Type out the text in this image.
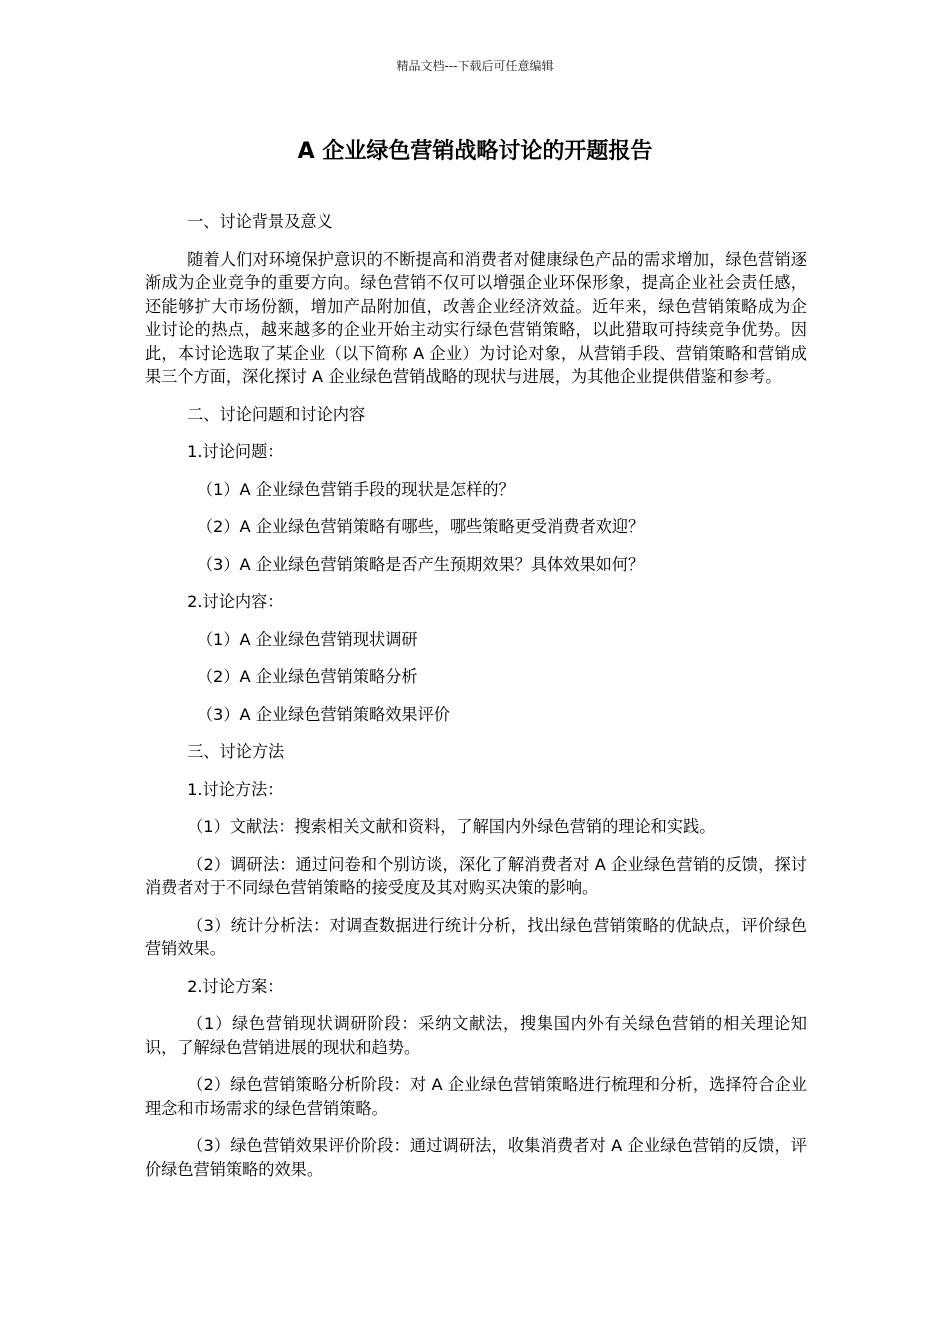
精品文档---下载后可任意编辑
A 企业绿色营销战略讨论的开题报告

一、讨论背景及意义

随着人们对环境保护意识的不断提高和消费者对健康绿色产品的需求增加，绿色营销逐渐成为企业竞争的重要方向。绿色营销不仅可以增强企业环保形象，提高企业社会责任感，还能够扩大市场份额，增加产品附加值，改善企业经济效益。近年来，绿色营销策略成为企业讨论的热点，越来越多的企业开始主动实行绿色营销策略，以此猎取可持续竞争优势。因此，本讨论选取了某企业（以下简称 A 企业）为讨论对象，从营销手段、营销策略和营销成果三个方面，深化探讨 A 企业绿色营销战略的现状与进展，为其他企业提供借鉴和参考。

二、讨论问题和讨论内容

1.讨论问题：

（1）A 企业绿色营销手段的现状是怎样的？

（2）A 企业绿色营销策略有哪些，哪些策略更受消费者欢迎？

（3）A 企业绿色营销策略是否产生预期效果？具体效果如何？

2.讨论内容：

（1）A 企业绿色营销现状调研

（2）A 企业绿色营销策略分析

（3）A 企业绿色营销策略效果评价

三、讨论方法

1.讨论方法：

（1）文献法：搜索相关文献和资料，了解国内外绿色营销的理论和实践。

（2）调研法：通过问卷和个别访谈，深化了解消费者对 A 企业绿色营销的反馈，探讨消费者对于不同绿色营销策略的接受度及其对购买决策的影响。

（3）统计分析法：对调查数据进行统计分析，找出绿色营销策略的优缺点，评价绿色营销效果。

2.讨论方案：

（1）绿色营销现状调研阶段：采纳文献法，搜集国内外有关绿色营销的相关理论知识，了解绿色营销进展的现状和趋势。

（2）绿色营销策略分析阶段：对 A 企业绿色营销策略进行梳理和分析，选择符合企业理念和市场需求的绿色营销策略。

（3）绿色营销效果评价阶段：通过调研法，收集消费者对 A 企业绿色营销的反馈，评价绿色营销策略的效果。
